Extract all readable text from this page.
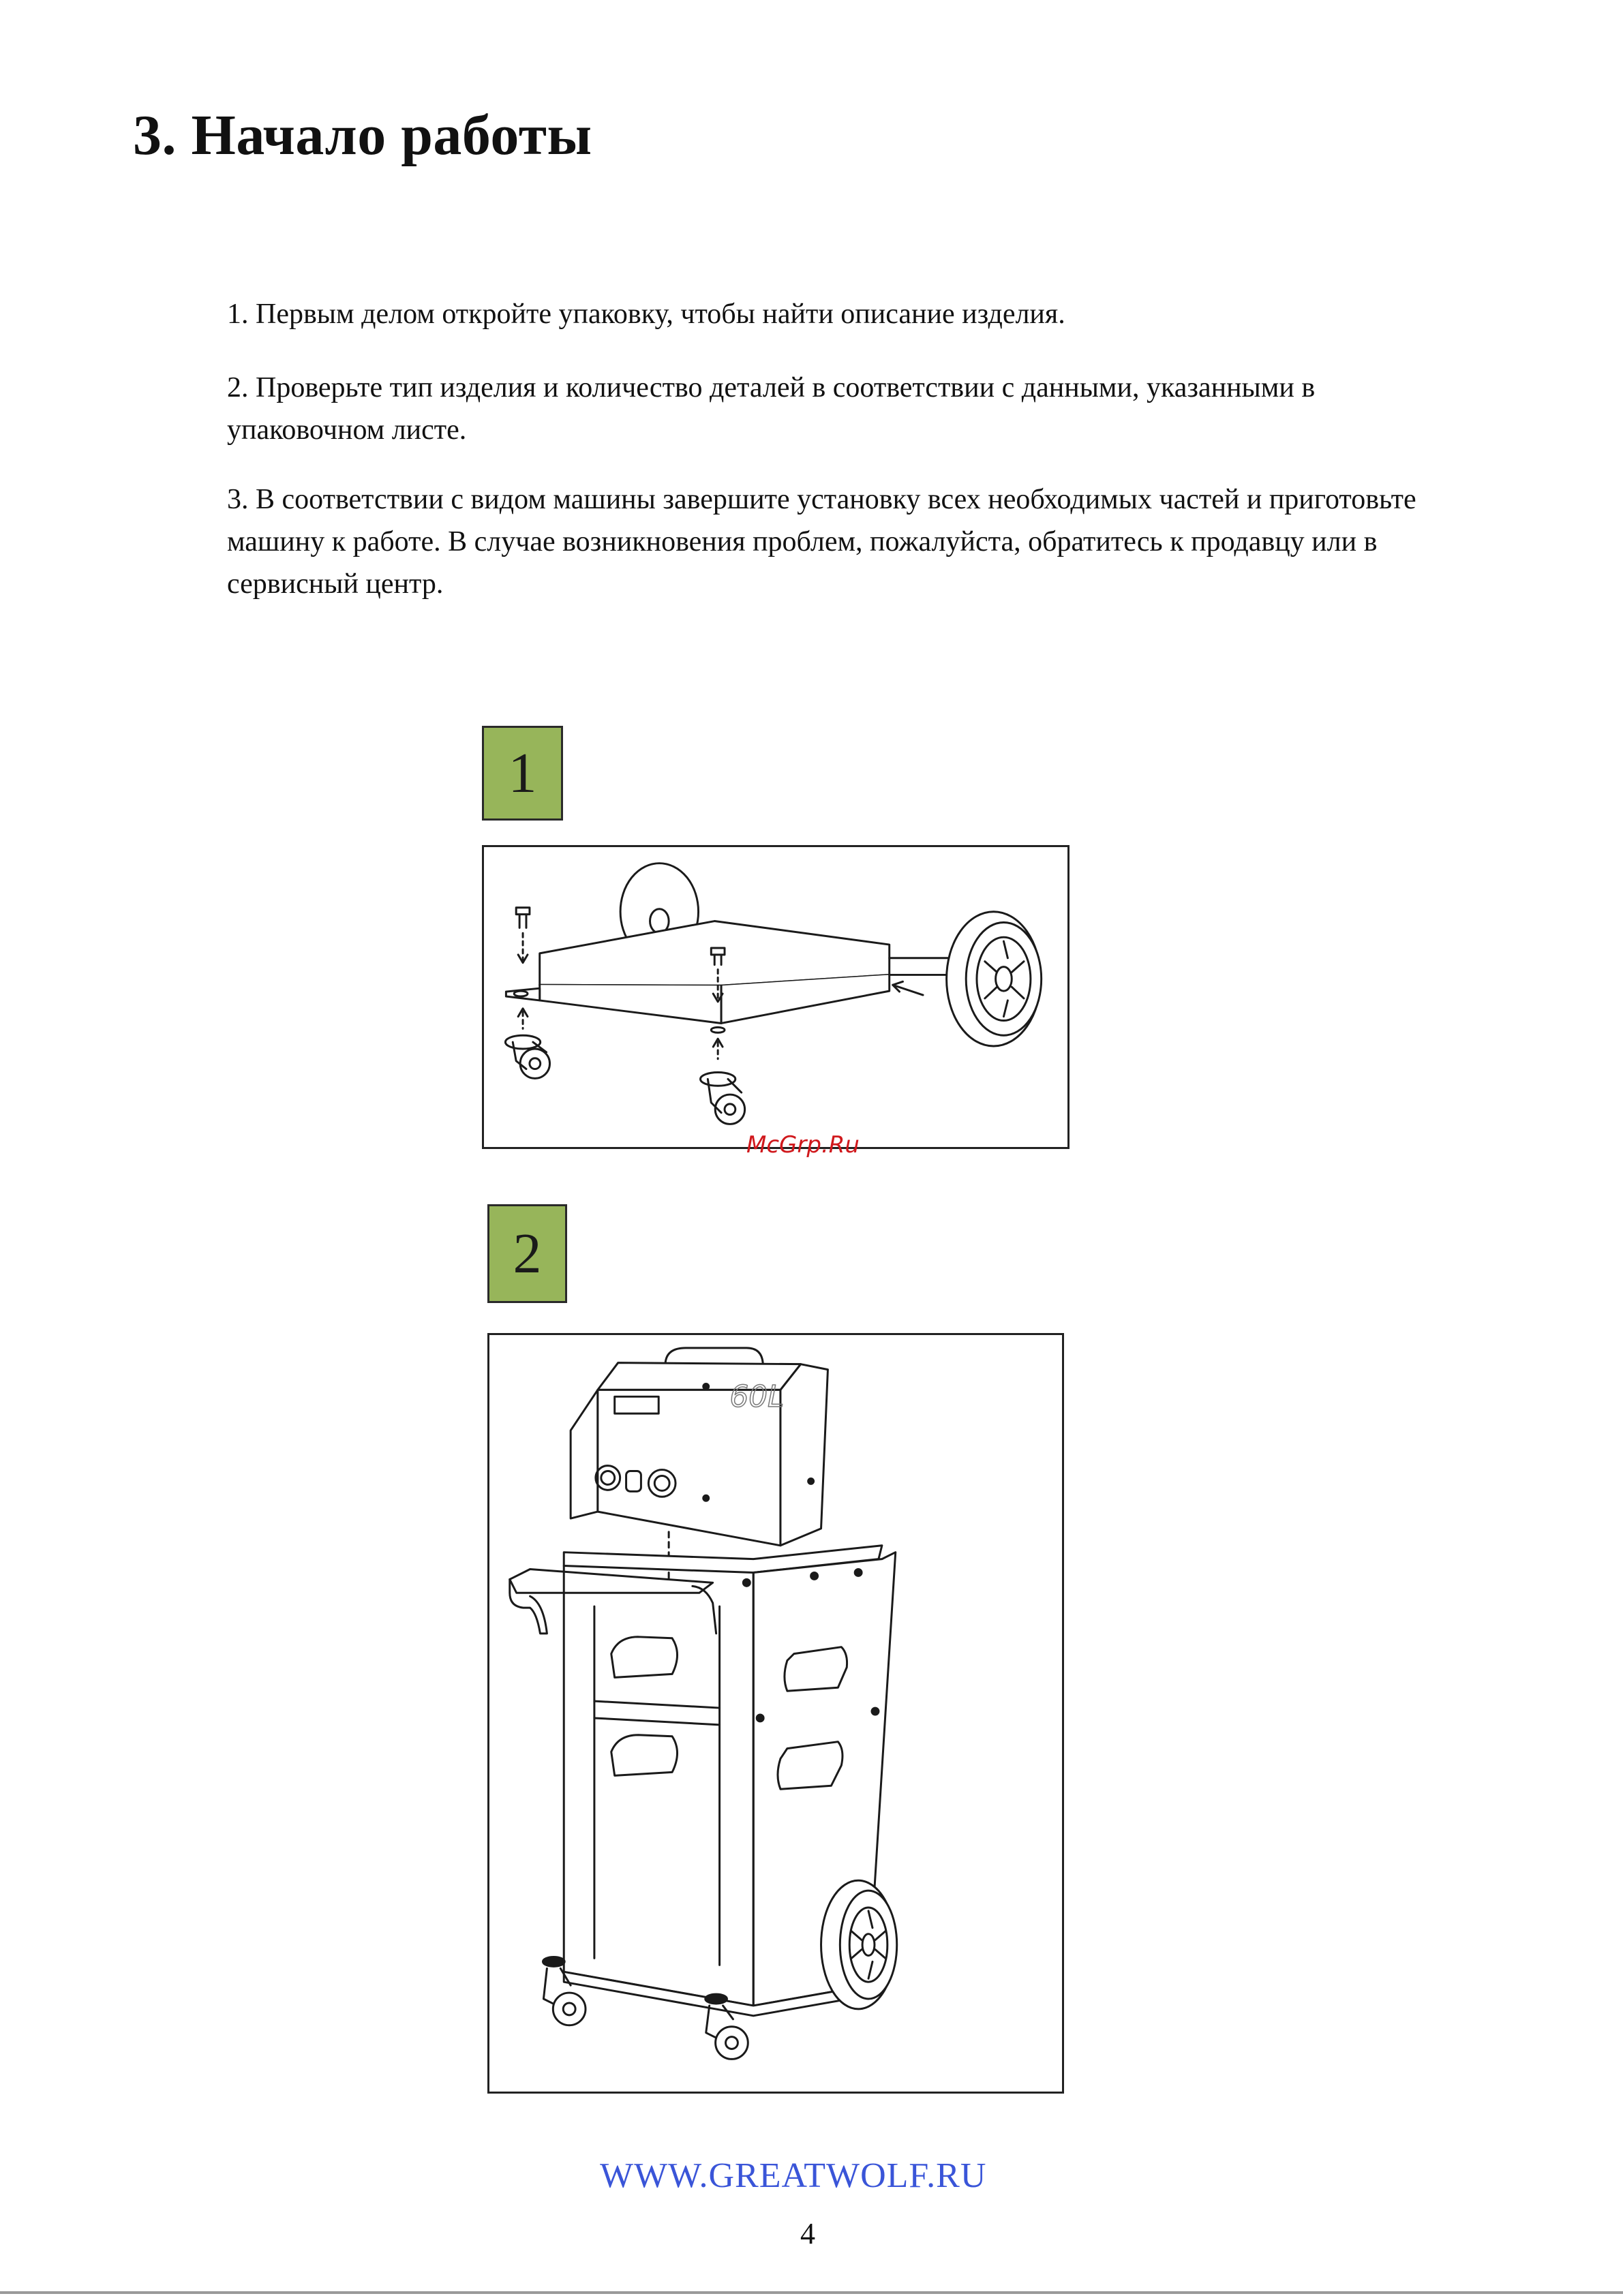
3. Начало работы
1. Первым делом откройте упаковку, чтобы найти описание изделия.
2. Проверьте тип изделия и количество деталей в соответствии с данными, указанными в упаковочном листе.
3. В соответствии с видом машины завершите установку всех необходимых частей и приготовьте машину к работе. В случае возникновения проблем, пожалуйста, обратитесь к продавцу или в сервисный центр.
1
McGrp.Ru
2
60L
WWW.GREATWOLF.RU
4
